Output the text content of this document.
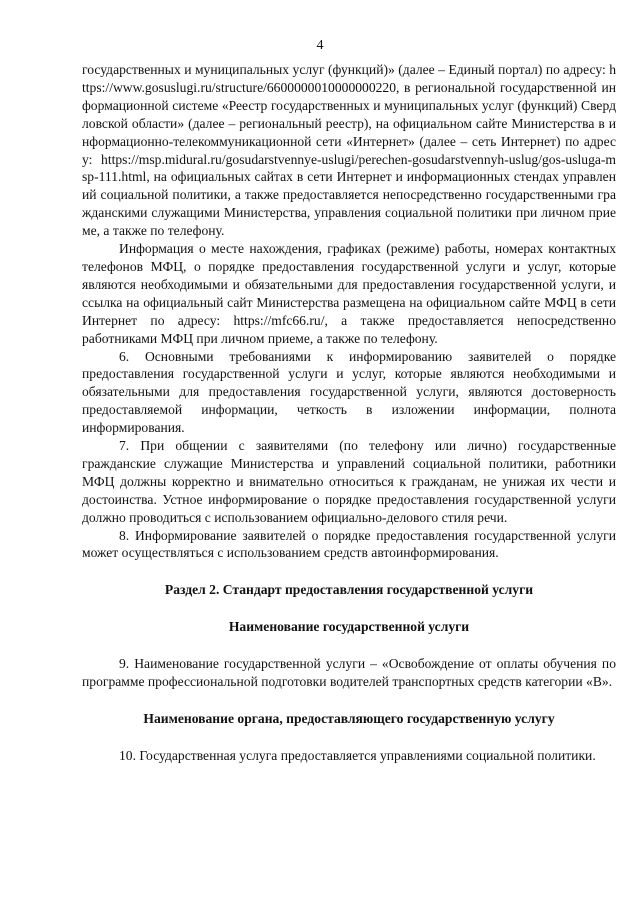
4

государственных и муниципальных услуг (функций)» (далее – Единый портал) по адресу: https://www.gosuslugi.ru/structure/6600000010000000220, в региональной государственной информационной системе «Реестр государственных и муниципальных услуг (функций) Свердловской области» (далее – региональный реестр), на официальном сайте Министерства в информационно-телекоммуникационной сети «Интернет» (далее – сеть Интернет) по адресу: https://msp.midural.ru/gosudarstvennye-uslugi/perechen-gosudarstvennyh-uslug/gos-usluga-msp-111.html, на официальных сайтах в сети Интернет и информационных стендах управлений социальной политики, а также предоставляется непосредственно государственными гражданскими служащими Министерства, управления социальной политики при личном приеме, а также по телефону.

Информация о месте нахождения, графиках (режиме) работы, номерах контактных телефонов МФЦ, о порядке предоставления государственной услуги и услуг, которые являются необходимыми и обязательными для предоставления государственной услуги, и ссылка на официальный сайт Министерства размещена на официальном сайте МФЦ в сети Интернет по адресу: https://mfc66.ru/, а также предоставляется непосредственно работниками МФЦ при личном приеме, а также по телефону.

6. Основными требованиями к информированию заявителей о порядке предоставления государственной услуги и услуг, которые являются необходимыми и обязательными для предоставления государственной услуги, являются достоверность предоставляемой информации, четкость в изложении информации, полнота информирования.

7. При общении с заявителями (по телефону или лично) государственные гражданские служащие Министерства и управлений социальной политики, работники МФЦ должны корректно и внимательно относиться к гражданам, не унижая их чести и достоинства. Устное информирование о порядке предоставления государственной услуги должно проводиться с использованием официально-делового стиля речи.

8. Информирование заявителей о порядке предоставления государственной услуги может осуществляться с использованием средств автоинформирования.

Раздел 2. Стандарт предоставления государственной услуги

Наименование государственной услуги

9. Наименование государственной услуги – «Освобождение от оплаты обучения по программе профессиональной подготовки водителей транспортных средств категории «В».

Наименование органа, предоставляющего государственную услугу

10. Государственная услуга предоставляется управлениями социальной политики.
